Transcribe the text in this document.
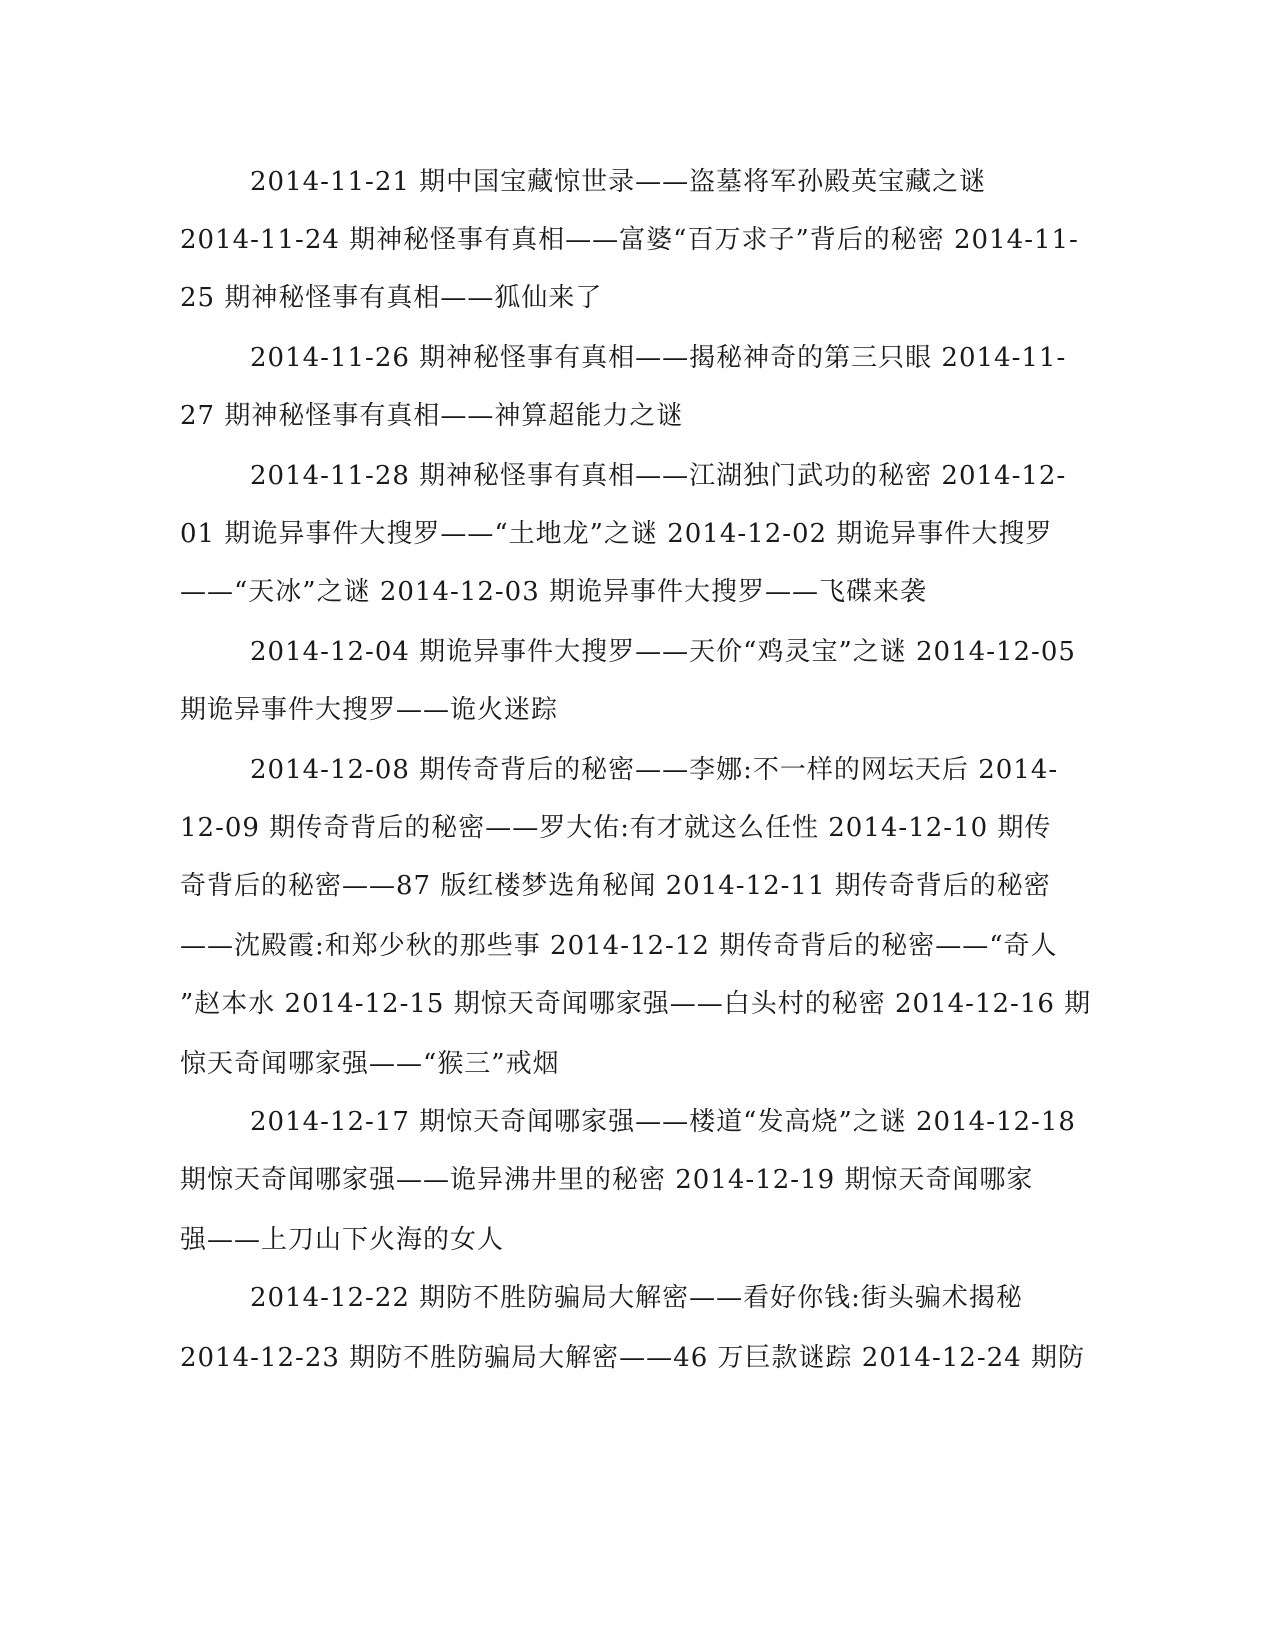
2014-11-21 期中国宝藏惊世录——盗墓将军孙殿英宝藏之谜
2014-11-24 期神秘怪事有真相——富婆“百万求子”背后的秘密 2014-11-
25 期神秘怪事有真相——狐仙来了
2014-11-26 期神秘怪事有真相——揭秘神奇的第三只眼 2014-11-
27 期神秘怪事有真相——神算超能力之谜
2014-11-28 期神秘怪事有真相——江湖独门武功的秘密 2014-12-
01 期诡异事件大搜罗——“土地龙”之谜 2014-12-02 期诡异事件大搜罗
——“天冰”之谜 2014-12-03 期诡异事件大搜罗——飞碟来袭
2014-12-04 期诡异事件大搜罗——天价“鸡灵宝”之谜 2014-12-05
期诡异事件大搜罗——诡火迷踪
2014-12-08 期传奇背后的秘密——李娜:不一样的网坛天后 2014-
12-09 期传奇背后的秘密——罗大佑:有才就这么任性 2014-12-10 期传
奇背后的秘密——87 版红楼梦选角秘闻 2014-12-11 期传奇背后的秘密
——沈殿霞:和郑少秋的那些事 2014-12-12 期传奇背后的秘密——“奇人
”赵本水 2014-12-15 期惊天奇闻哪家强——白头村的秘密 2014-12-16 期
惊天奇闻哪家强——“猴三”戒烟
2014-12-17 期惊天奇闻哪家强——楼道“发高烧”之谜 2014-12-18
期惊天奇闻哪家强——诡异沸井里的秘密 2014-12-19 期惊天奇闻哪家
强——上刀山下火海的女人
2014-12-22 期防不胜防骗局大解密——看好你钱:街头骗术揭秘
2014-12-23 期防不胜防骗局大解密——46 万巨款谜踪 2014-12-24 期防
